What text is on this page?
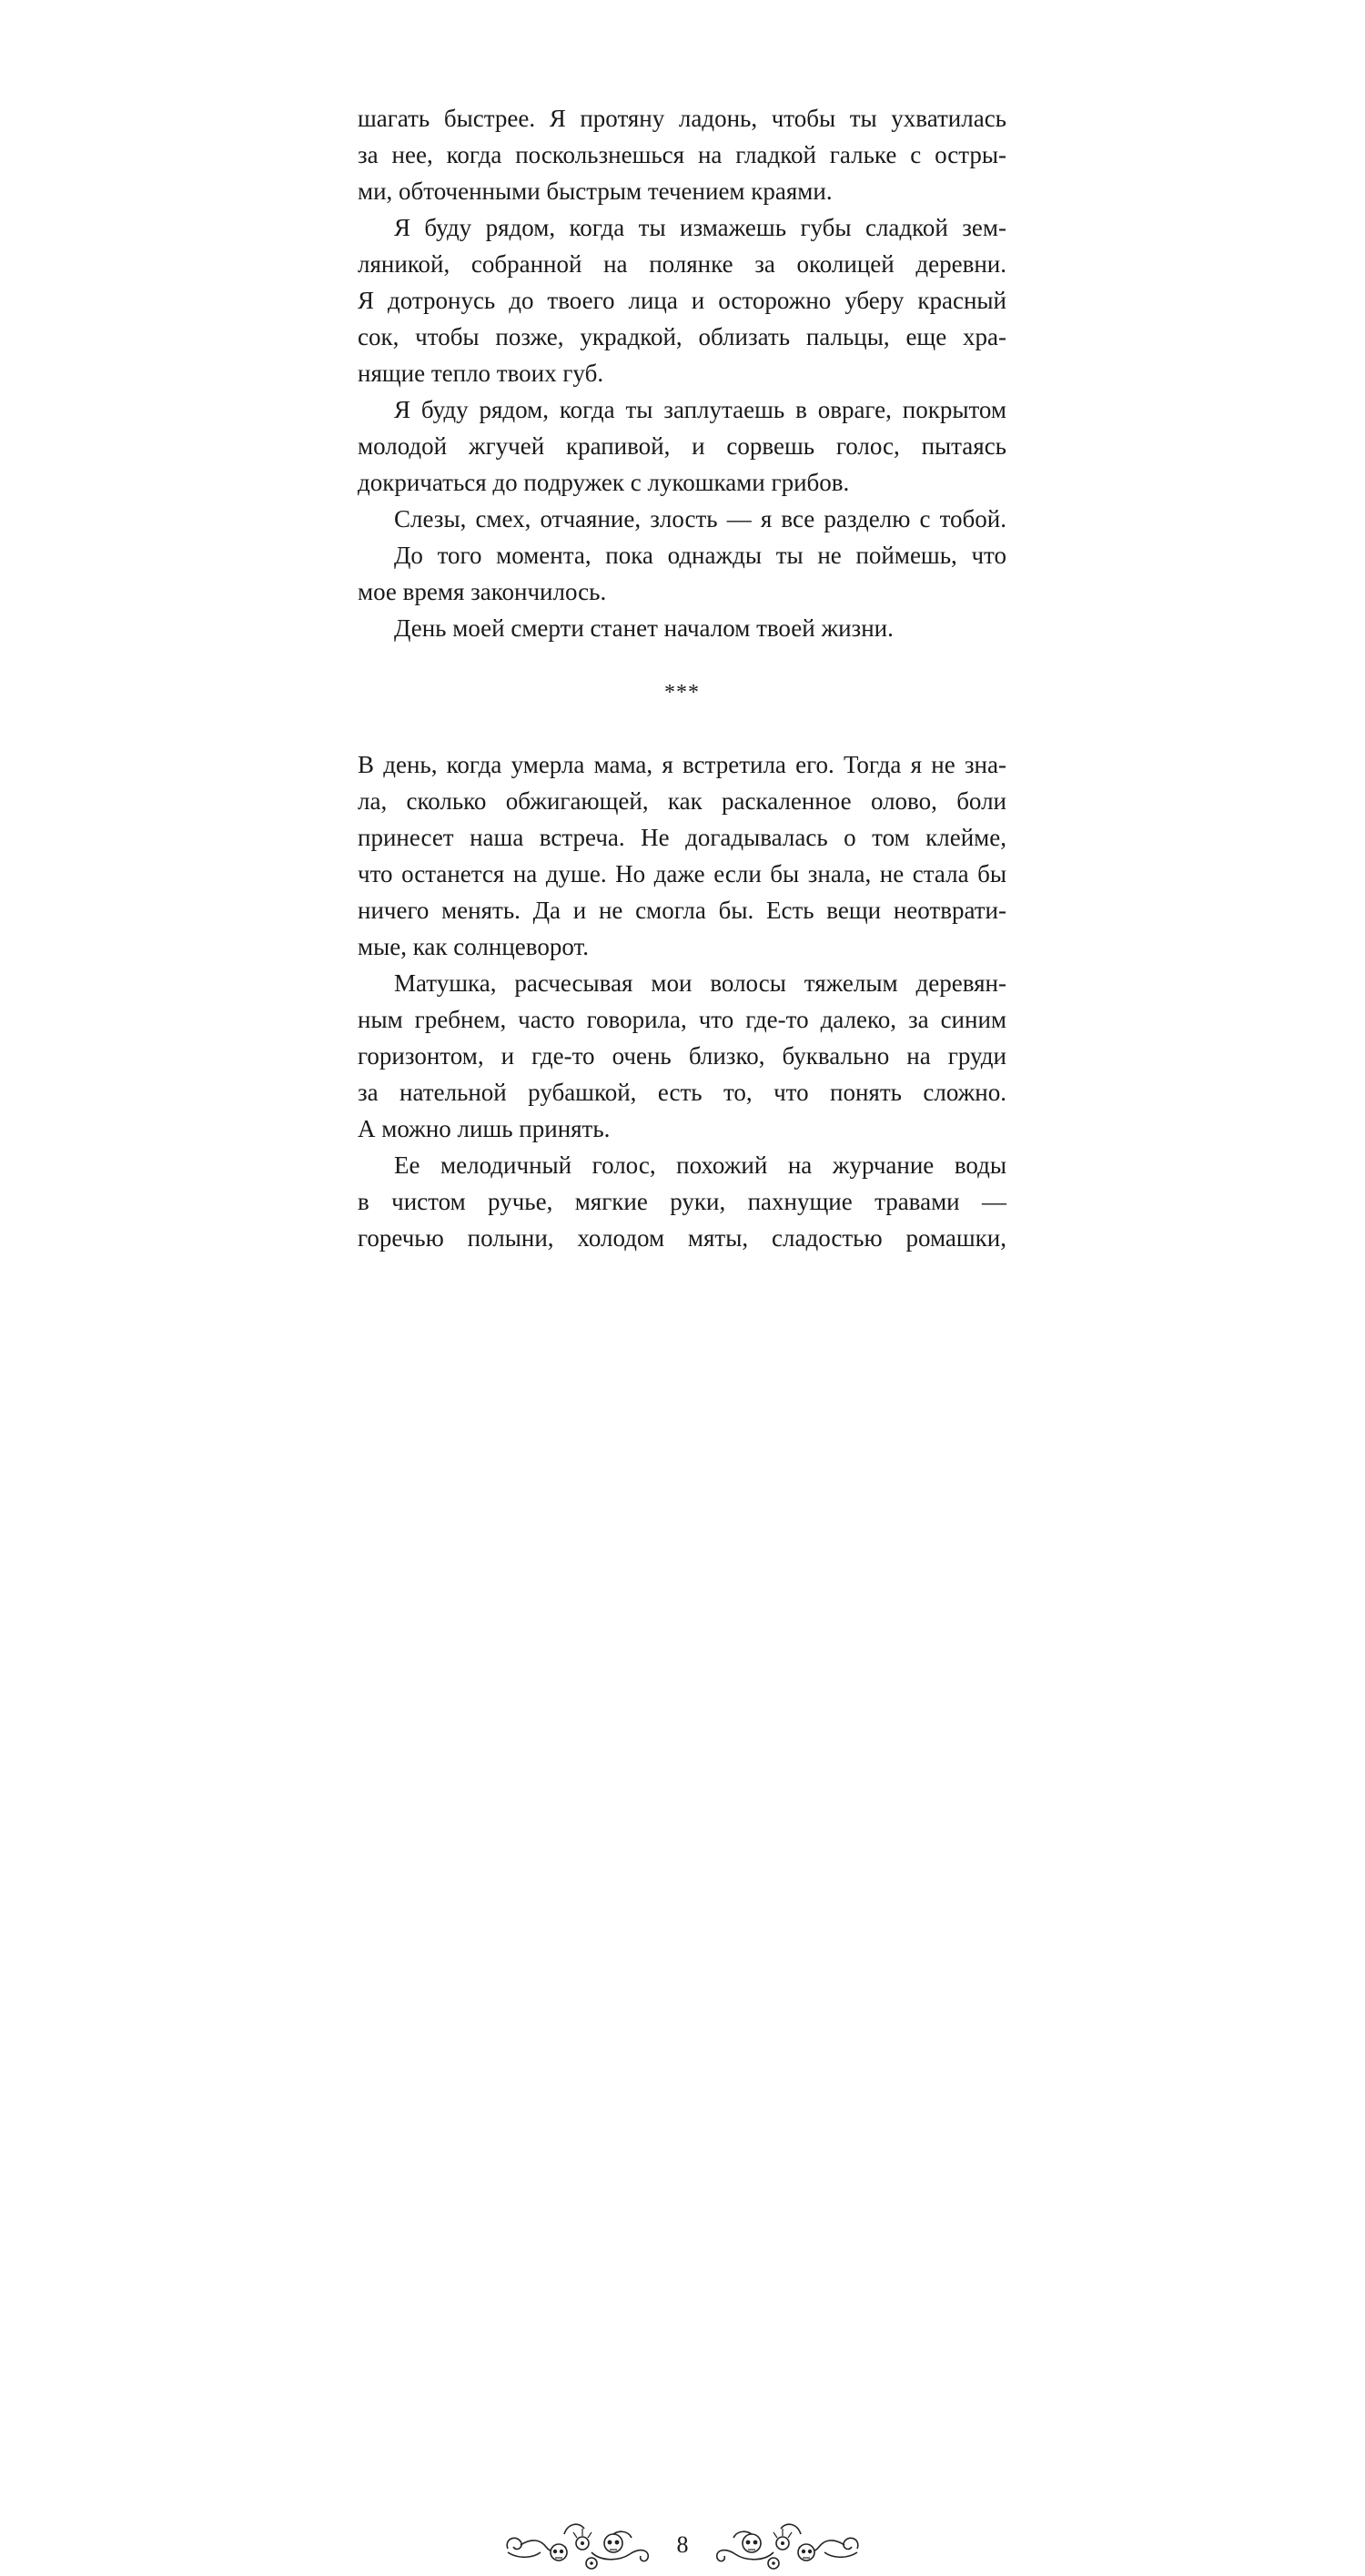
шагать быстрее. Я протяну ладонь, чтобы ты ухватилась
за нее, когда поскользнешься на гладкой гальке с остры-
ми, обточенными быстрым течением краями.
Я буду рядом, когда ты измажешь губы сладкой зем-
ляникой, собранной на полянке за околицей деревни.
Я дотронусь до твоего лица и осторожно уберу красный
сок, чтобы позже, украдкой, облизать пальцы, еще хра-
нящие тепло твоих губ.
Я буду рядом, когда ты заплутаешь в овраге, покрытом
молодой жгучей крапивой, и сорвешь голос, пытаясь
докричаться до подружек с лукошками грибов.
Слезы, смех, отчаяние, злость — я все разделю с тобой.
До того момента, пока однажды ты не поймешь, что
мое время закончилось.
День моей смерти станет началом твоей жизни.
***
В день, когда умерла мама, я встретила его. Тогда я не зна-
ла, сколько обжигающей, как раскаленное олово, боли
принесет наша встреча. Не догадывалась о том клейме,
что останется на душе. Но даже если бы знала, не стала бы
ничего менять. Да и не смогла бы. Есть вещи неотврати-
мые, как солнцеворот.
Матушка, расчесывая мои волосы тяжелым деревян-
ным гребнем, часто говорила, что где-то далеко, за синим
горизонтом, и где-то очень близко, буквально на груди
за нательной рубашкой, есть то, что понять сложно.
А можно лишь принять.
Ее мелодичный голос, похожий на журчание воды
в чистом ручье, мягкие руки, пахнущие травами —
горечью полыни, холодом мяты, сладостью ромашки,
8
